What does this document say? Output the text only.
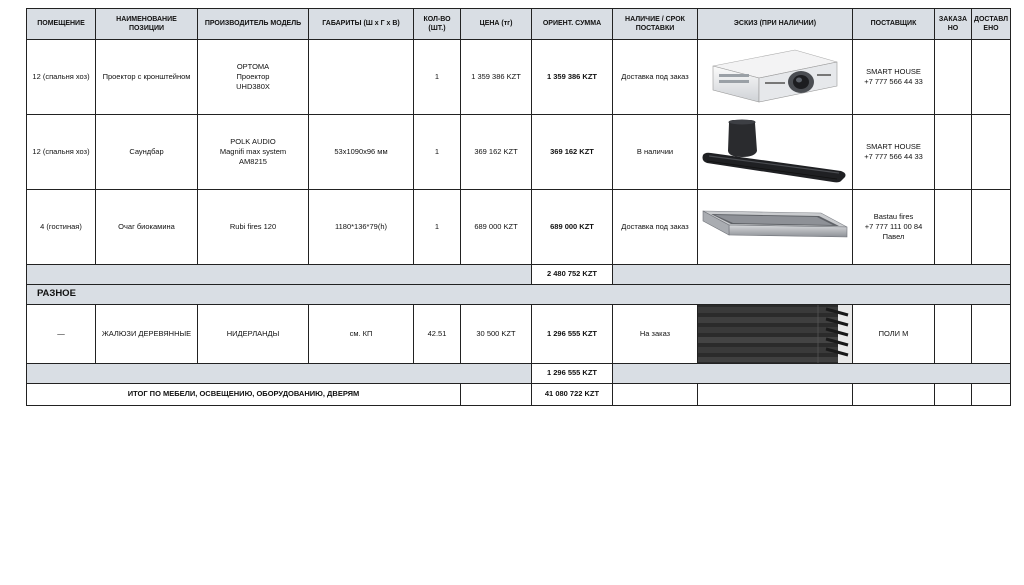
ПОМЕЩЕНИЕ	НАИМЕНОВАНИЕ ПОЗИЦИИ	ПРОИЗВОДИТЕЛЬ МОДЕЛЬ	ГАБАРИТЫ (Ш х Г х В)	КОЛ-ВО (ШТ.)	ЦЕНА (тг)	ОРИЕНТ. СУММА	НАЛИЧИЕ / СРОК ПОСТАВКИ	ЭСКИЗ (ПРИ НАЛИЧИИ)	ПОСТАВЩИК	ЗАКАЗАНО	ДОСТАВЛЕНО
12 (спальня хоз)	Проектор с кронштейном	OPTOMA
Проектор
UHD380X		1	1 359 386 KZT	1 359 386 KZT	Доставка под заказ		SMART HOUSE
+7 777 566 44 33		
12 (спальня хоз)	Саундбар	POLK AUDIO
Magnifi max system
AM8215	53x1090x96 мм	1	369 162 KZT	369 162 KZT	В наличии		SMART HOUSE
+7 777 566 44 33		
4 (гостиная)	Очаг биокамина	Rubi fires 120	1180*136*79(h)	1	689 000 KZT	689 000 KZT	Доставка под заказ		Bastau fires
+7 777 111 00 84
Павел		
						2 480 752 KZT					
РАЗНОЕ											
—	ЖАЛЮЗИ ДЕРЕВЯННЫЕ	НИДЕРЛАНДЫ	см. КП	42.51	30 500 KZT	1 296 555 KZT	На заказ		ПОЛИ М		
						1 296 555 KZT					
ИТОГ ПО МЕБЕЛИ, ОСВЕЩЕНИЮ, ОБОРУДОВАНИЮ, ДВЕРЯМ						41 080 722 KZT					
